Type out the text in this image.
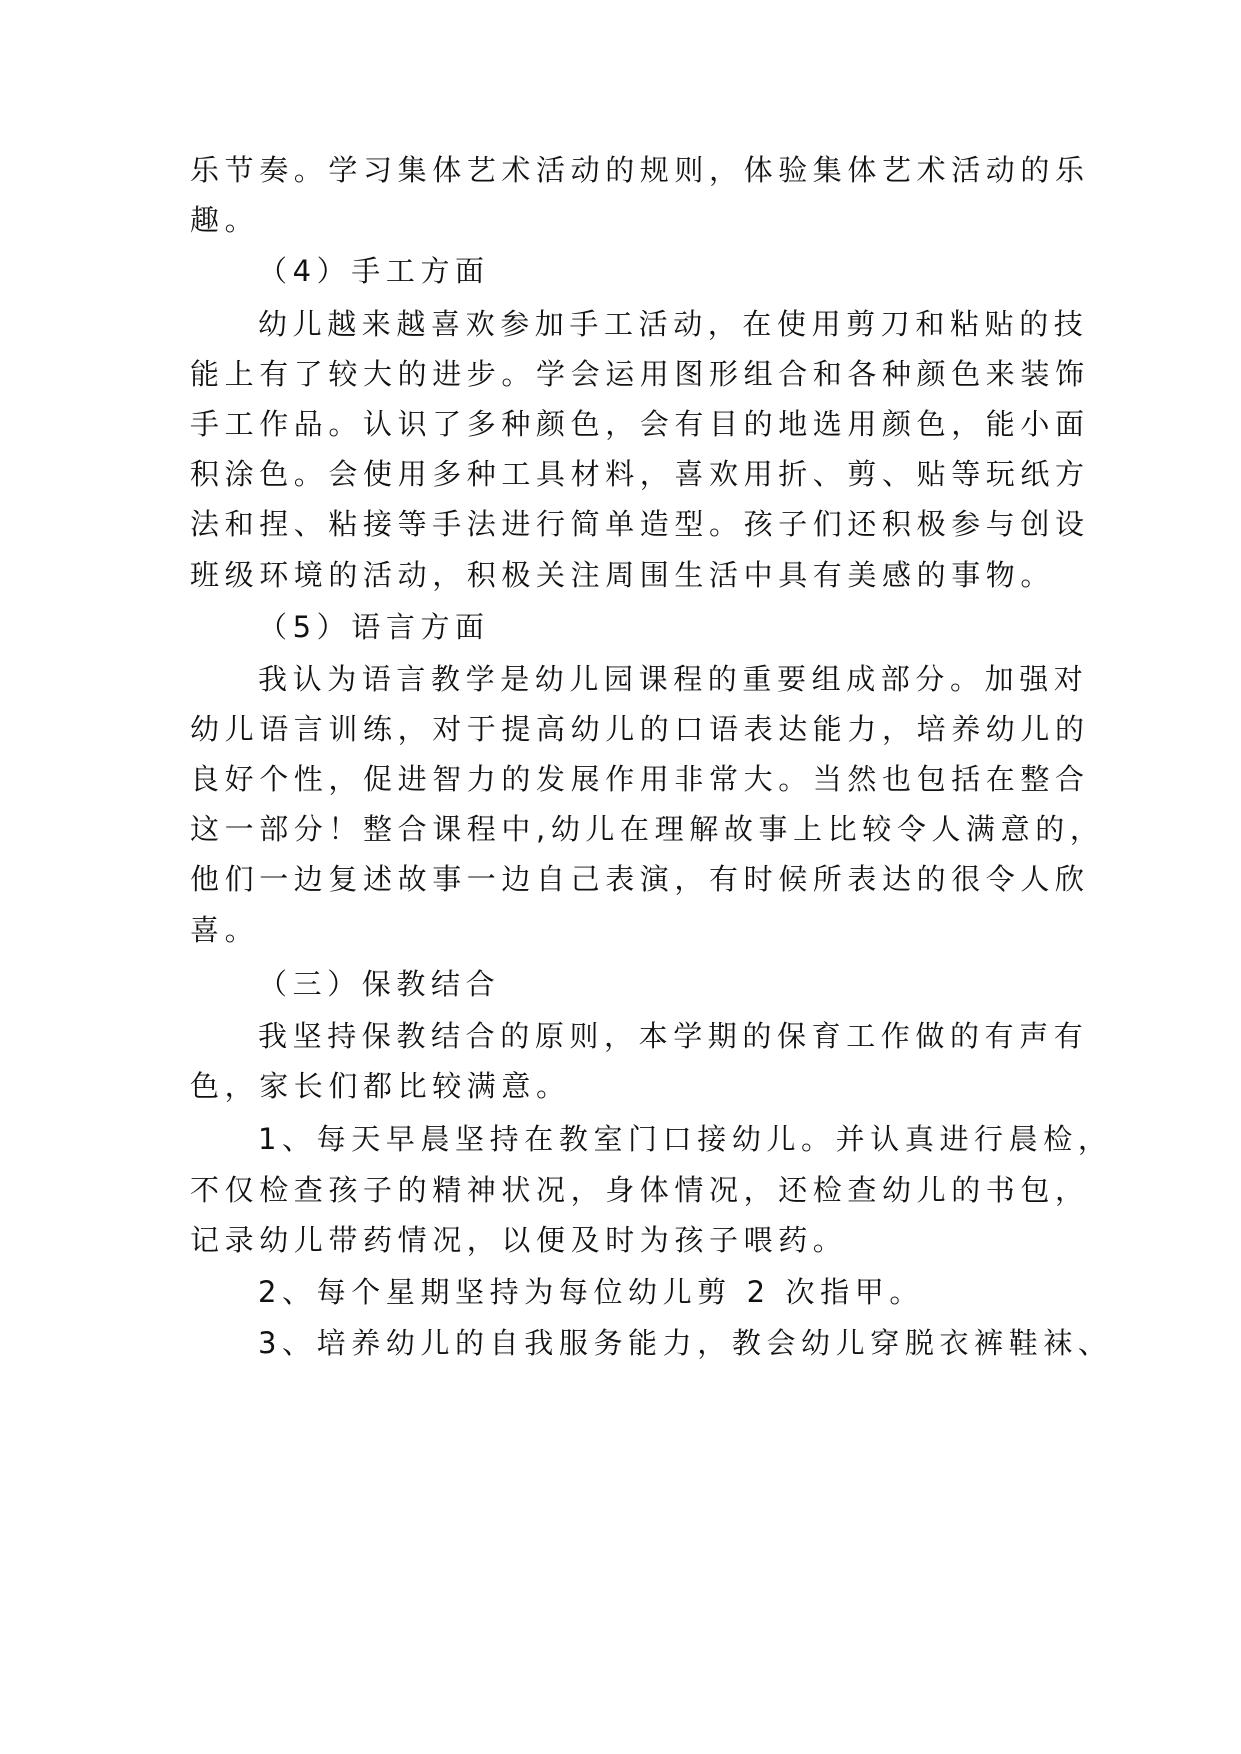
乐节奏。学习集体艺术活动的规则，体验集体艺术活动的乐
趣。
（4）手工方面
幼儿越来越喜欢参加手工活动，在使用剪刀和粘贴的技
能上有了较大的进步。学会运用图形组合和各种颜色来装饰
手工作品。认识了多种颜色，会有目的地选用颜色，能小面
积涂色。会使用多种工具材料，喜欢用折、剪、贴等玩纸方
法和捏、粘接等手法进行简单造型。孩子们还积极参与创设
班级环境的活动，积极关注周围生活中具有美感的事物。
（5）语言方面
我认为语言教学是幼儿园课程的重要组成部分。加强对
幼儿语言训练，对于提高幼儿的口语表达能力，培养幼儿的
良好个性，促进智力的发展作用非常大。当然也包括在整合
这一部分！整合课程中,幼儿在理解故事上比较令人满意的，
他们一边复述故事一边自己表演，有时候所表达的很令人欣
喜。
（三）保教结合
我坚持保教结合的原则，本学期的保育工作做的有声有
色，家长们都比较满意。
1、每天早晨坚持在教室门口接幼儿。并认真进行晨检，
不仅检查孩子的精神状况，身体情况，还检查幼儿的书包，
记录幼儿带药情况，以便及时为孩子喂药。
2、每个星期坚持为每位幼儿剪 2 次指甲。
3、培养幼儿的自我服务能力，教会幼儿穿脱衣裤鞋袜、
